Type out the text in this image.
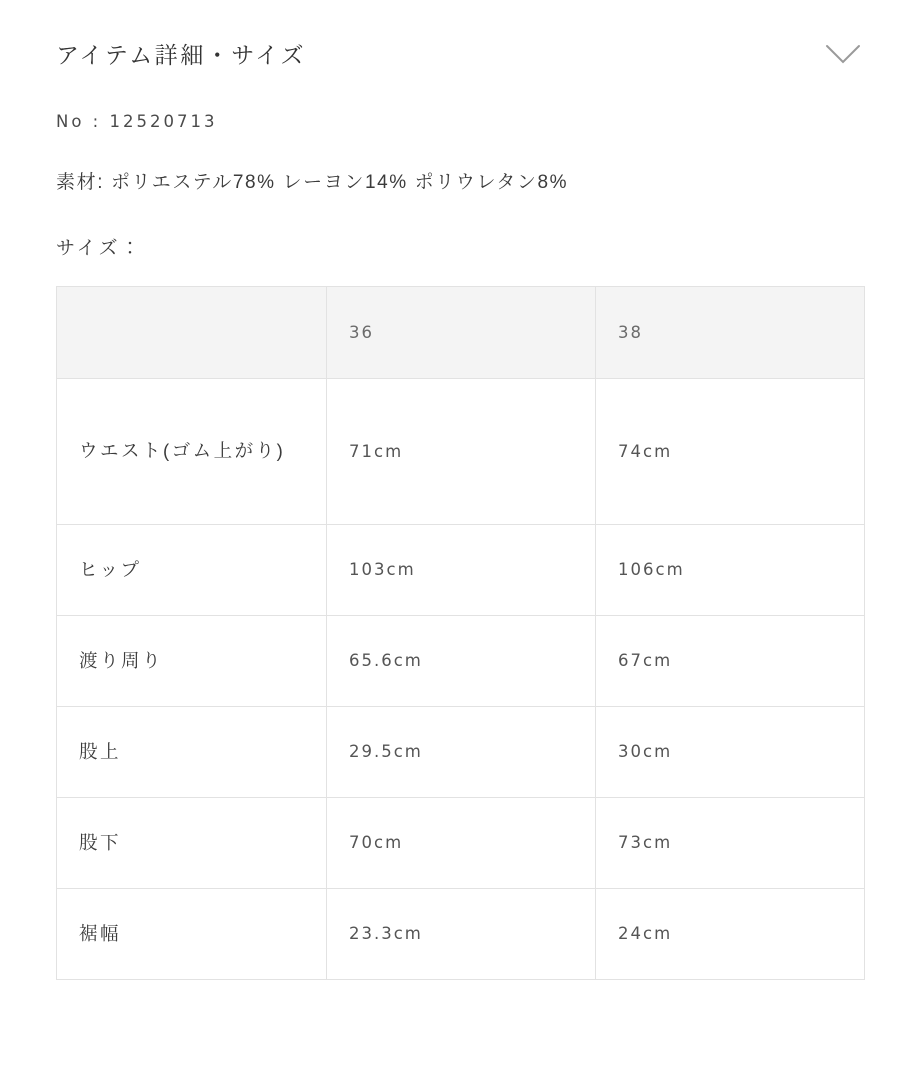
アイテム詳細・サイズ
No : 12520713
素材: ポリエステル78% レーヨン14% ポリウレタン8%
サイズ：
	36	38
ウエスト(ゴム上がり)	71cm	74cm
ヒップ	103cm	106cm
渡り周り	65.6cm	67cm
股上	29.5cm	30cm
股下	70cm	73cm
裾幅	23.3cm	24cm
